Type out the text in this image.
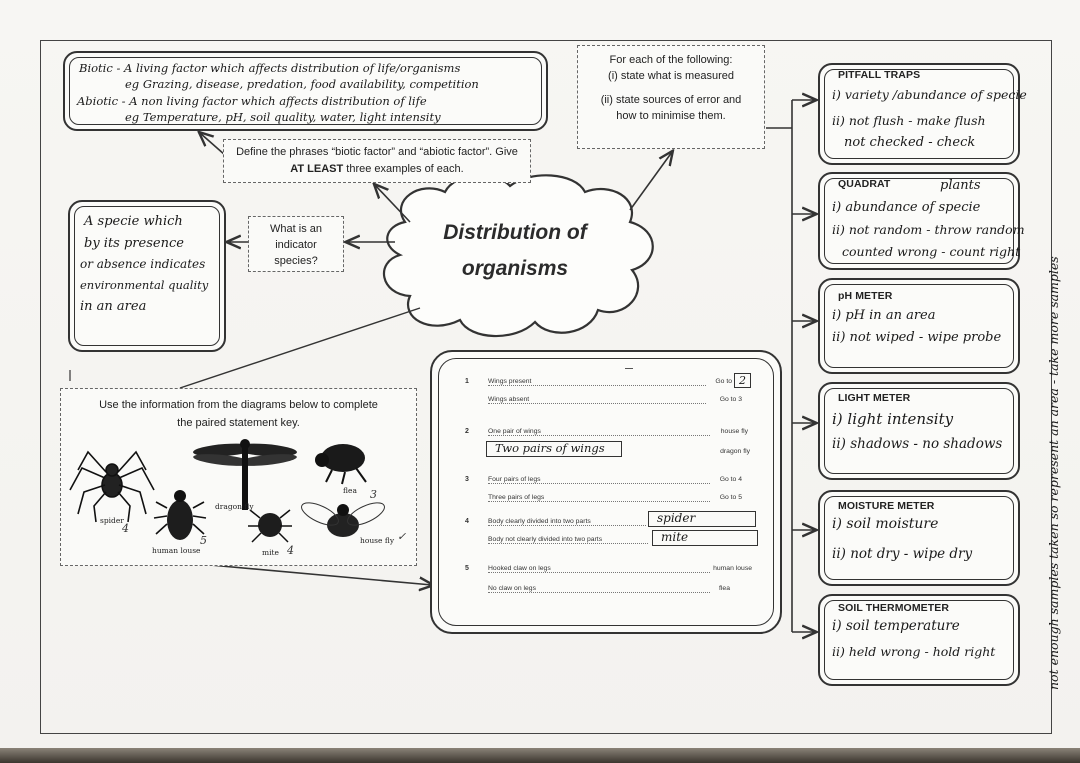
Distribution of
organisms
Biotic - A living factor which affects distribution of life/organisms
eg Grazing, disease, predation, food availability, competition
Abiotic - A non living factor which affects distribution of life
eg Temperature, pH, soil quality, water, light intensity
Define the phrases “biotic factor” and “abiotic factor”. Give AT LEAST three examples of each.
What is an
indicator
species?
A specie which
by its presence
or absence indicates
environmental quality
in an area
For each of the following:
(i) state what is measured
(ii) state sources of error and
how to minimise them.
PITFALL TRAPS
i) variety /abundance of specie
ii) not flush - make flush
not checked - check
QUADRAT	plants
i) abundance of specie
ii) not random - throw random
counted wrong - count right
pH METER
i) pH in an area
ii) not wiped - wipe probe
LIGHT METER
i) light intensity
ii) shadows - no shadows
MOISTURE METER
i) soil moisture
ii) not dry - wipe dry
SOIL THERMOMETER
i) soil temperature
ii) held wrong - hold right	not enough samples taken so represent an area - take more samples
Use the information from the diagrams below to complete
the paired statement key.
spider
dragon fly
flea
human louse	mite
house fly
4
3
5
4
✓
1	Wings present	Go to 2
Wings absent	Go to 3
2	One pair of wings	house fly
Two pairs of wings	dragon fly
3	Four pairs of legs	Go to 4
Three pairs of legs	Go to 5
4	Body clearly divided into two parts	spider
Body not clearly divided into two parts	mite
5	Hooked claw on legs	human louse
No claw on legs	flea
